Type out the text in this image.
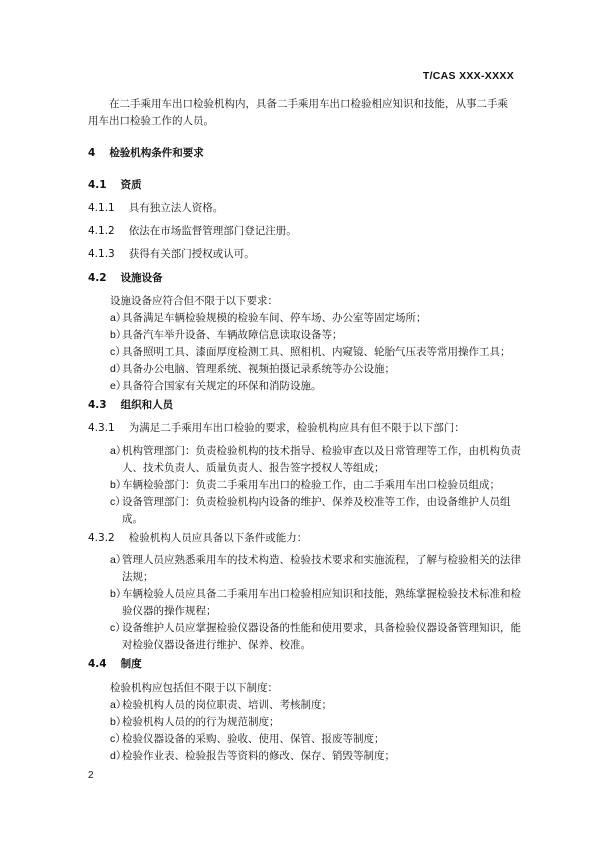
T/CAS XXX-XXXX
在二手乘用车出口检验机构内，具备二手乘用车出口检验相应知识和技能，从事二手乘用车出口检验工作的人员。
4 检验机构条件和要求
4.1 资质
4.1.1 具有独立法人资格。
4.1.2 依法在市场监督管理部门登记注册。
4.1.3 获得有关部门授权或认可。
4.2 设施设备
设施设备应符合但不限于以下要求：
a）
具备满足车辆检验规模的检验车间、停车场、办公室等固定场所；
b）
具备汽车举升设备、车辆故障信息读取设备等；
c）
具备照明工具、漆面厚度检测工具、照相机、内窥镜、轮胎气压表等常用操作工具；
d）
具备办公电脑、管理系统、视频拍摄记录系统等办公设施；
e）
具备符合国家有关规定的环保和消防设施。
4.3 组织和人员
4.3.1 为满足二手乘用车出口检验的要求，检验机构应具有但不限于以下部门：
a）
机构管理部门：负责检验机构的技术指导、检验审查以及日常管理等工作，由机构负责人、技术负责人、质量负责人、报告签字授权人等组成；
b）
车辆检验部门：负责二手乘用车出口的检验工作，由二手乘用车出口检验员组成；
c）
设备管理部门：负责检验机构内设备的维护、保养及校准等工作，由设备维护人员组成。
4.3.2 检验机构人员应具备以下条件或能力：
a）
管理人员应熟悉乘用车的技术构造、检验技术要求和实施流程，了解与检验相关的法律法规；
b）
车辆检验人员应具备二手乘用车出口检验相应知识和技能，熟练掌握检验技术标准和检验仪器的操作规程；
c）
设备维护人员应掌握检验仪器设备的性能和使用要求，具备检验仪器设备管理知识，能对检验仪器设备进行维护、保养、校准。
4.4 制度
检验机构应包括但不限于以下制度：
a）
检验机构人员的岗位职责、培训、考核制度；
b）
检验机构人员的的行为规范制度；
c）
检验仪器设备的采购、验收、使用、保管、报废等制度；
d）
检验作业表、检验报告等资料的修改、保存、销毁等制度；
2
